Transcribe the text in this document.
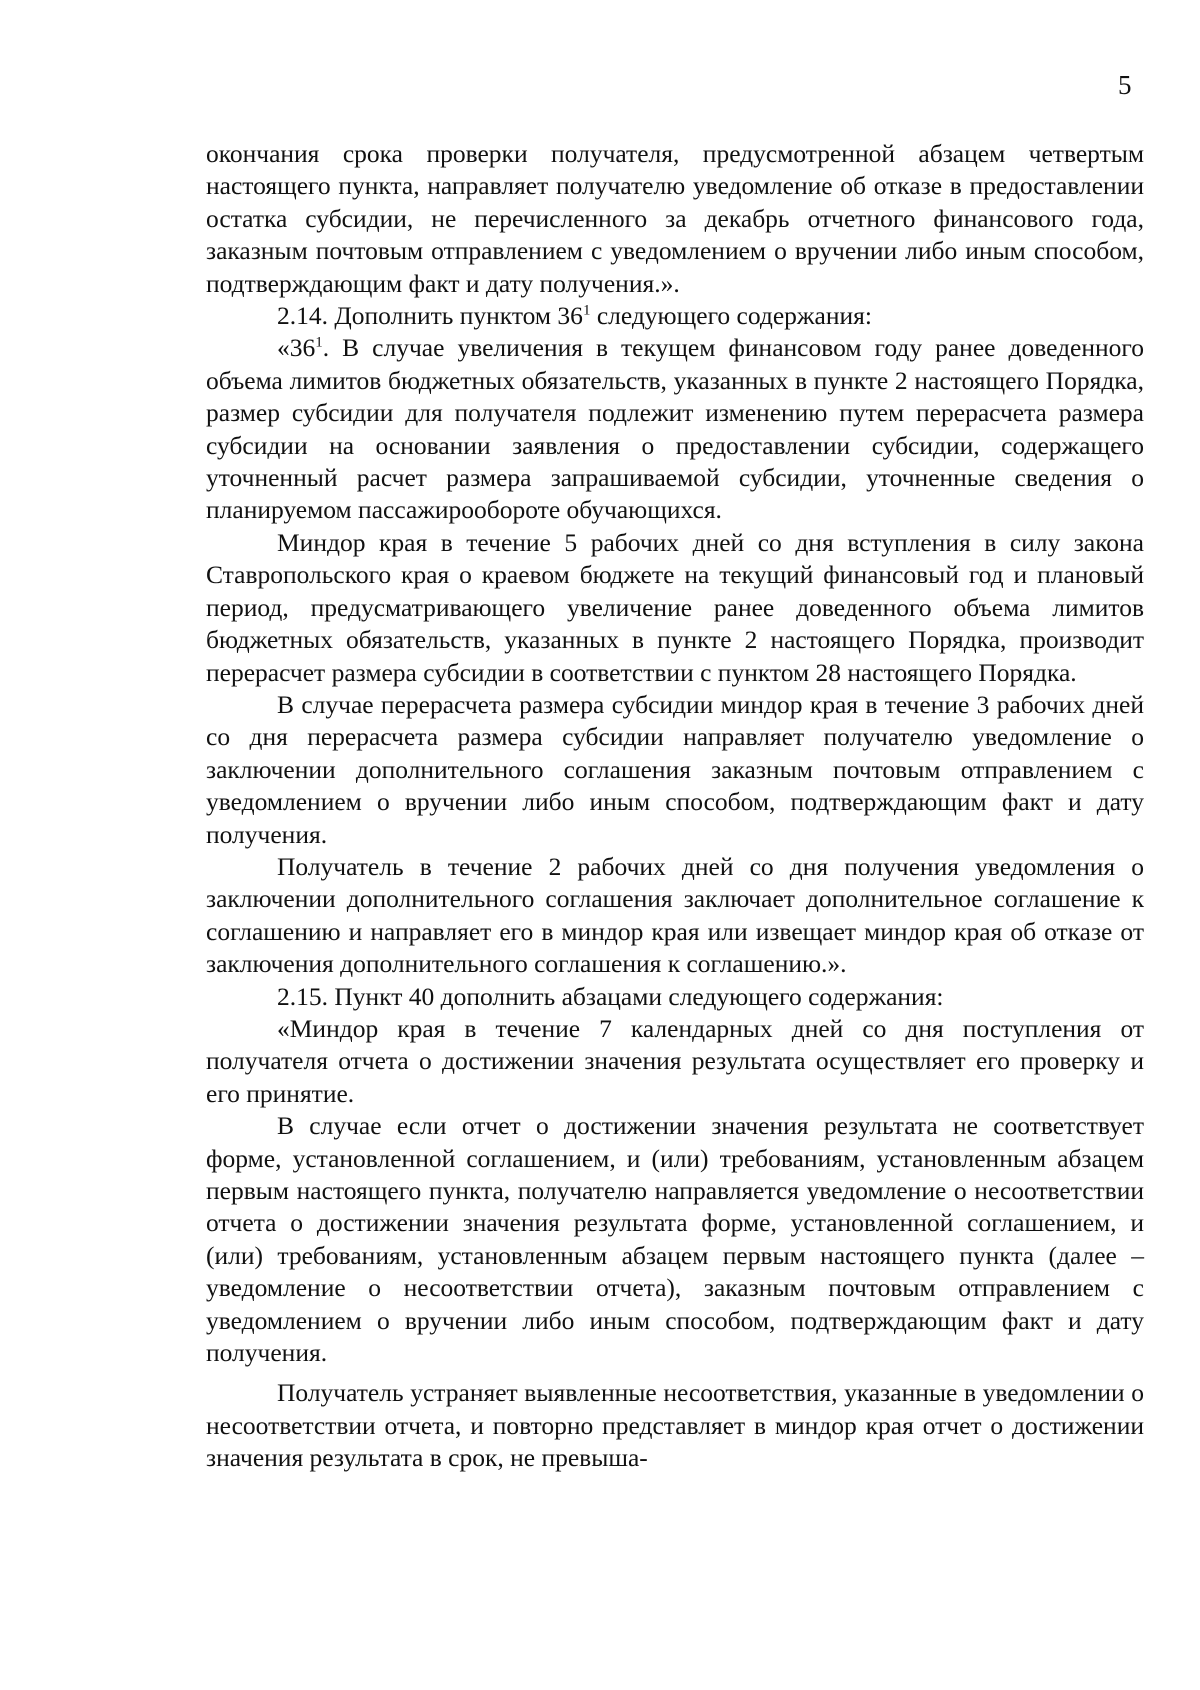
5

окончания срока проверки получателя, предусмотренной абзацем четвертым настоящего пункта, направляет получателю уведомление об отказе в предоставлении остатка субсидии, не перечисленного за декабрь отчетного финансового года, заказным почтовым отправлением с уведомлением о вручении либо иным способом, подтверждающим факт и дату получения.».

2.14. Дополнить пунктом $36^1$ следующего содержания:

«$36^1$. В случае увеличения в текущем финансовом году ранее доведенного объема лимитов бюджетных обязательств, указанных в пункте 2 настоящего Порядка, размер субсидии для получателя подлежит изменению путем перерасчета размера субсидии на основании заявления о предоставлении субсидии, содержащего уточненный расчет размера запрашиваемой субсидии, уточненные сведения о планируемом пассажирообороте обучающихся.

Миндор края в течение 5 рабочих дней со дня вступления в силу закона Ставропольского края о краевом бюджете на текущий финансовый год и плановый период, предусматривающего увеличение ранее доведенного объема лимитов бюджетных обязательств, указанных в пункте 2 настоящего Порядка, производит перерасчет размера субсидии в соответствии с пунктом 28 настоящего Порядка.

В случае перерасчета размера субсидии миндор края в течение 3 рабочих дней со дня перерасчета размера субсидии направляет получателю уведомление о заключении дополнительного соглашения заказным почтовым отправлением с уведомлением о вручении либо иным способом, подтверждающим факт и дату получения.

Получатель в течение 2 рабочих дней со дня получения уведомления о заключении дополнительного соглашения заключает дополнительное соглашение к соглашению и направляет его в миндор края или извещает миндор края об отказе от заключения дополнительного соглашения к соглашению.».

2.15. Пункт 40 дополнить абзацами следующего содержания:

«Миндор края в течение 7 календарных дней со дня поступления от получателя отчета о достижении значения результата осуществляет его проверку и его принятие.

В случае если отчет о достижении значения результата не соответствует форме, установленной соглашением, и (или) требованиям, установленным абзацем первым настоящего пункта, получателю направляется уведомление о несоответствии отчета о достижении значения результата форме, установленной соглашением, и (или) требованиям, установленным абзацем первым настоящего пункта (далее – уведомление о несоответствии отчета), заказным почтовым отправлением с уведомлением о вручении либо иным способом, подтверждающим факт и дату получения.

Получатель устраняет выявленные несоответствия, указанные в уведомлении о несоответствии отчета, и повторно представляет в миндор края отчет о достижении значения результата в срок, не превыша-
